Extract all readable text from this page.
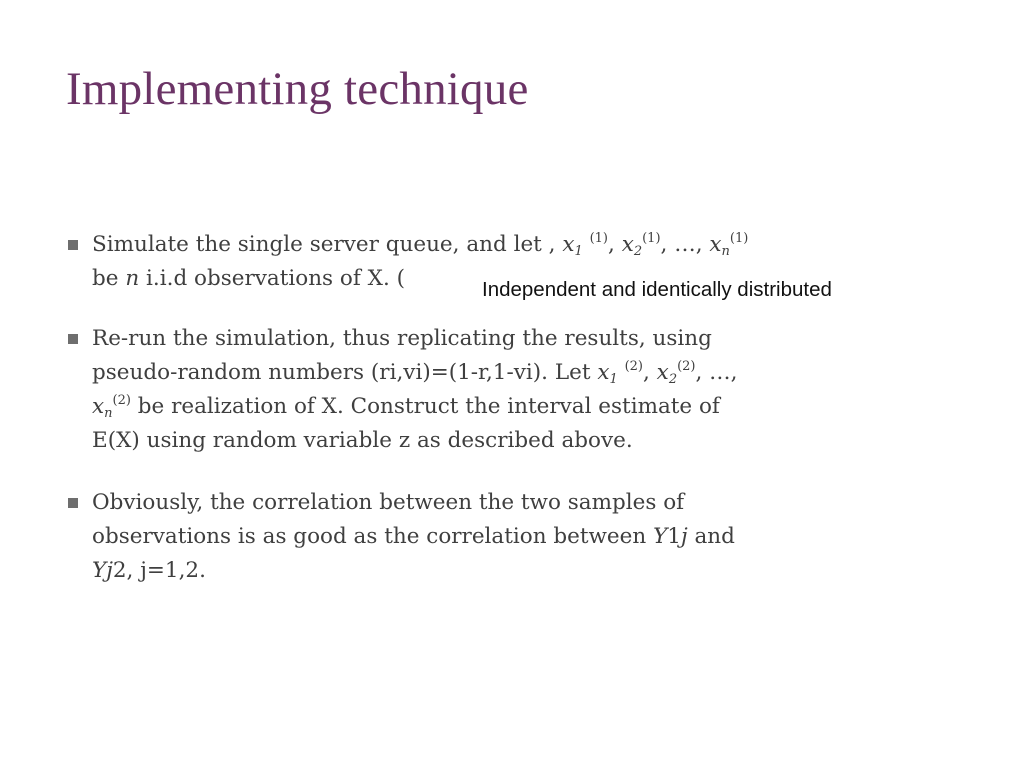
Implementing technique
Simulate the single server queue, and let , $x_1$ $^{(1)}$, $x_2^{(1)}$, …, $x_n^{(1)}$
be n i.i.d observations of X. (
Re-run the simulation, thus replicating the results, using
pseudo-random numbers (ri,vi)=(1-r,1-vi). Let $x_1$ $^{(2)}$, $x_2^{(2)}$, …,
$x_n^{(2)}$ be realization of X. Construct the interval estimate of
E(X) using random variable z as described above.
Obviously, the correlation between the two samples of
observations is as good as the correlation between Y1j and
Yj2, j=1,2.
Independent and identically distributed
